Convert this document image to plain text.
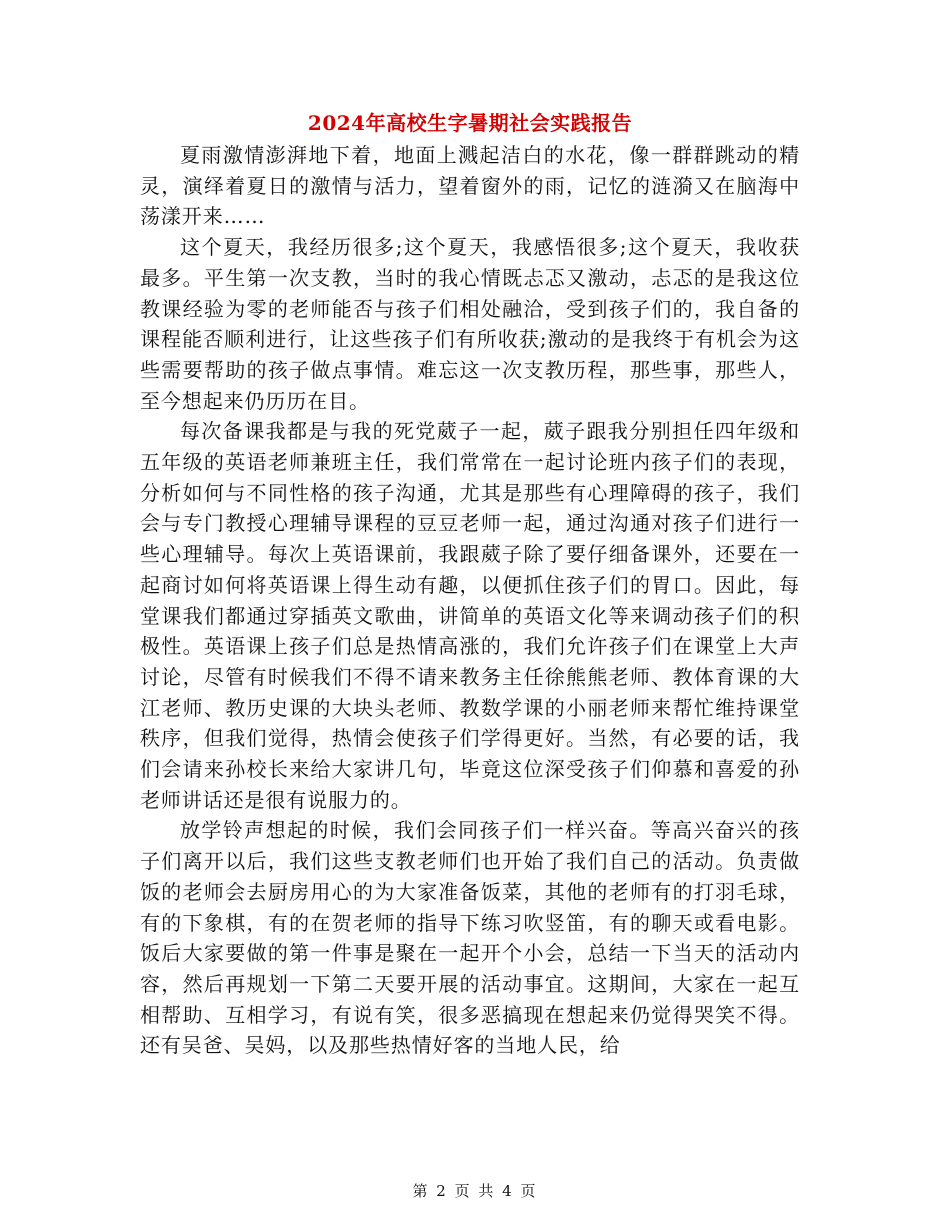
2024年高校生字暑期社会实践报告

夏雨激情澎湃地下着，地面上溅起洁白的水花，像一群群跳动的精灵，演绎着夏日的激情与活力，望着窗外的雨，记忆的涟漪又在脑海中荡漾开来……

这个夏天，我经历很多;这个夏天，我感悟很多;这个夏天，我收获最多。平生第一次支教，当时的我心情既忐忑又激动，忐忑的是我这位教课经验为零的老师能否与孩子们相处融洽，受到孩子们的，我自备的课程能否顺利进行，让这些孩子们有所收获;激动的是我终于有机会为这些需要帮助的孩子做点事情。难忘这一次支教历程，那些事，那些人，至今想起来仍历历在目。

每次备课我都是与我的死党葳子一起，葳子跟我分别担任四年级和五年级的英语老师兼班主任，我们常常在一起讨论班内孩子们的表现，分析如何与不同性格的孩子沟通，尤其是那些有心理障碍的孩子，我们会与专门教授心理辅导课程的豆豆老师一起，通过沟通对孩子们进行一些心理辅导。每次上英语课前，我跟葳子除了要仔细备课外，还要在一起商讨如何将英语课上得生动有趣，以便抓住孩子们的胃口。因此，每堂课我们都通过穿插英文歌曲，讲简单的英语文化等来调动孩子们的积极性。英语课上孩子们总是热情高涨的，我们允许孩子们在课堂上大声讨论，尽管有时候我们不得不请来教务主任徐熊熊老师、教体育课的大江老师、教历史课的大块头老师、教数学课的小丽老师来帮忙维持课堂秩序，但我们觉得，热情会使孩子们学得更好。当然，有必要的话，我们会请来孙校长来给大家讲几句，毕竟这位深受孩子们仰慕和喜爱的孙老师讲话还是很有说服力的。

放学铃声想起的时候，我们会同孩子们一样兴奋。等高兴奋兴的孩子们离开以后，我们这些支教老师们也开始了我们自己的活动。负责做饭的老师会去厨房用心的为大家准备饭菜，其他的老师有的打羽毛球，有的下象棋，有的在贺老师的指导下练习吹竖笛，有的聊天或看电影。饭后大家要做的第一件事是聚在一起开个小会，总结一下当天的活动内容，然后再规划一下第二天要开展的活动事宜。这期间，大家在一起互相帮助、互相学习，有说有笑，很多恶搞现在想起来仍觉得哭笑不得。还有吴爸、吴妈，以及那些热情好客的当地人民，给

第 2 页 共 4 页
